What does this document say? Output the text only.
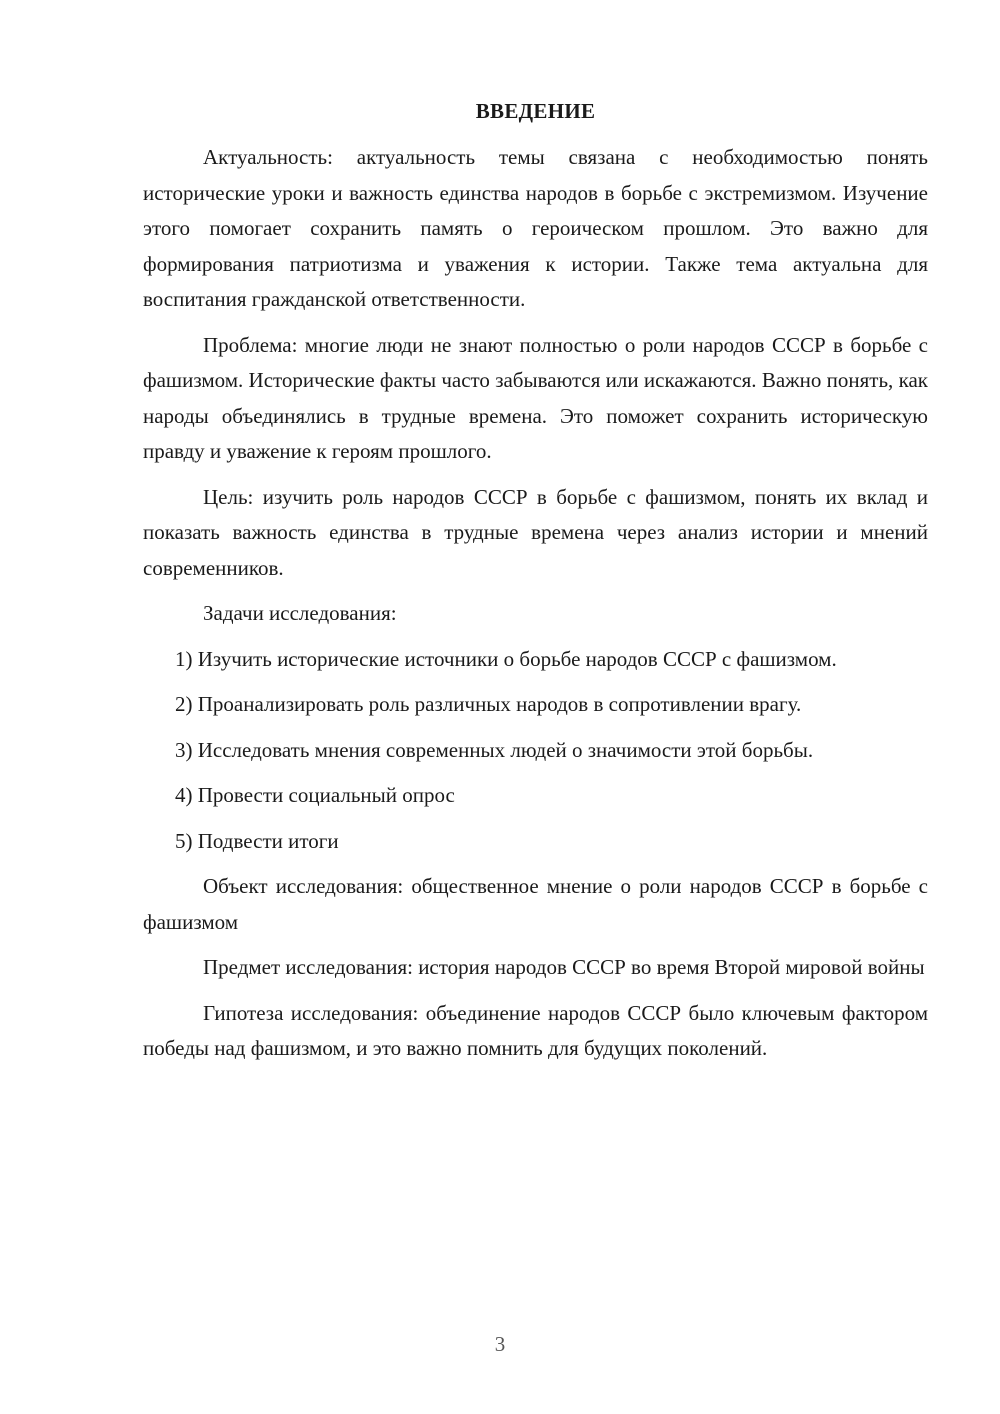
ВВЕДЕНИЕ

Актуальность: актуальность темы связана с необходимостью понять исторические уроки и важность единства народов в борьбе с экстремизмом. Изучение этого помогает сохранить память о героическом прошлом. Это важно для формирования патриотизма и уважения к истории. Также тема актуальна для воспитания гражданской ответственности.

Проблема: многие люди не знают полностью о роли народов СССР в борьбе с фашизмом. Исторические факты часто забываются или искажаются. Важно понять, как народы объединялись в трудные времена. Это поможет сохранить историческую правду и уважение к героям прошлого.

Цель: изучить роль народов СССР в борьбе с фашизмом, понять их вклад и показать важность единства в трудные времена через анализ истории и мнений современников.

Задачи исследования:

1) Изучить исторические источники о борьбе народов СССР с фашизмом.

2) Проанализировать роль различных народов в сопротивлении врагу.

3) Исследовать мнения современных людей о значимости этой борьбы.

4) Провести социальный опрос

5) Подвести итоги

Объект исследования: общественное мнение о роли народов СССР в борьбе с фашизмом

Предмет исследования: история народов СССР во время Второй мировой войны

Гипотеза исследования: объединение народов СССР было ключевым фактором победы над фашизмом, и это важно помнить для будущих поколений.

3
